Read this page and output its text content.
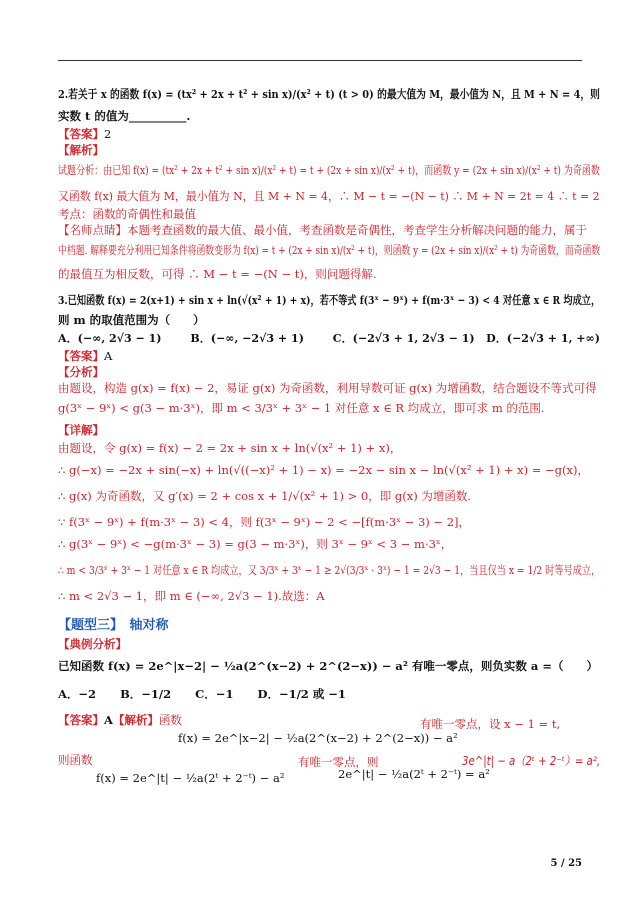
2.若关于 x 的函数 f(x) = (tx² + 2x + t² + sin x)/(x² + t) (t > 0) 的最大值为 M，最小值为 N，且 M + N = 4，则
实数 t 的值为__________.
【答案】2
【解析】
试题分析：由已知 f(x) = (tx² + 2x + t² + sin x)/(x² + t) = t + (2x + sin x)/(x² + t)，而函数 y = (2x + sin x)/(x² + t) 为奇函数
又函数 f(x) 最大值为 M，最小值为 N，且 M + N = 4，∴ M − t = −(N − t) ∴ M + N = 2t = 4 ∴ t = 2
考点：函数的奇偶性和最值
【名师点睛】本题考查函数的最大值、最小值，考查函数是奇偶性，考查学生分析解决问题的能力，属于
中档题. 解释要充分利用已知条件将函数变形为 f(x) = t + (2x + sin x)/(x² + t)，则函数 y = (2x + sin x)/(x² + t) 为奇函数，而奇函数
的最值互为相反数，可得 ∴ M − t = −(N − t)，则问题得解.
3.已知函数 f(x) = 2(x+1) + sin x + ln(√(x² + 1) + x)，若不等式 f(3ˣ − 9ˣ) + f(m·3ˣ − 3) < 4 对任意 x ∈ R 均成立，
则 m 的取值范围为（　　）
A．(−∞, 2√3 − 1)	B．(−∞, −2√3 + 1)	C．(−2√3 + 1, 2√3 − 1) D．(−2√3 + 1, +∞)
【答案】A
【分析】
由题设，构造 g(x) = f(x) − 2，易证 g(x) 为奇函数，利用导数可证 g(x) 为增函数，结合题设不等式可得
g(3ˣ − 9ˣ) < g(3 − m·3ˣ)，即 m < 3/3ˣ + 3ˣ − 1 对任意 x ∈ R 均成立，即可求 m 的范围.
【详解】
由题设，令 g(x) = f(x) − 2 = 2x + sin x + ln(√(x² + 1) + x)，
∴ g(−x) = −2x + sin(−x) + ln(√((−x)² + 1) − x) = −2x − sin x − ln(√(x² + 1) + x) = −g(x)，
∴ g(x) 为奇函数，又 g′(x) = 2 + cos x + 1/√(x² + 1) > 0，即 g(x) 为增函数.
∵ f(3ˣ − 9ˣ) + f(m·3ˣ − 3) < 4，则 f(3ˣ − 9ˣ) − 2 < −[f(m·3ˣ − 3) − 2]，
∴ g(3ˣ − 9ˣ) < −g(m·3ˣ − 3) = g(3 − m·3ˣ)，则 3ˣ − 9ˣ < 3 − m·3ˣ，
∴ m < 3/3ˣ + 3ˣ − 1 对任意 x ∈ R 均成立，又 3/3ˣ + 3ˣ − 1 ≥ 2√(3/3ˣ · 3ˣ) − 1 = 2√3 − 1，当且仅当 x = 1/2 时等号成立，
∴ m < 2√3 − 1，即 m ∈ (−∞, 2√3 − 1).故选：A
【题型三】　轴对称
【典例分析】
已知函数 f(x) = 2e^|x−2| − ½a(2^(x−2) + 2^(2−x)) − a² 有唯一零点，则负实数 a =（　　）
A．−2 B．−1/2 C．−1 D．−1/2 或 −1
【答案】A【解析】函数
f(x) = 2e^|x−2| − ½a(2^(x−2) + 2^(2−x)) − a²
有唯一零点，设 x − 1 = t,
则函数
f(x) = 2e^|t| − ½a(2ᵗ + 2⁻ᵗ) − a²
有唯一零点，则
2e^|t| − ½a(2ᵗ + 2⁻ᵗ) = a²
3e^|t| − a（2ᵗ + 2⁻ᵗ）= a²,
5 / 25
